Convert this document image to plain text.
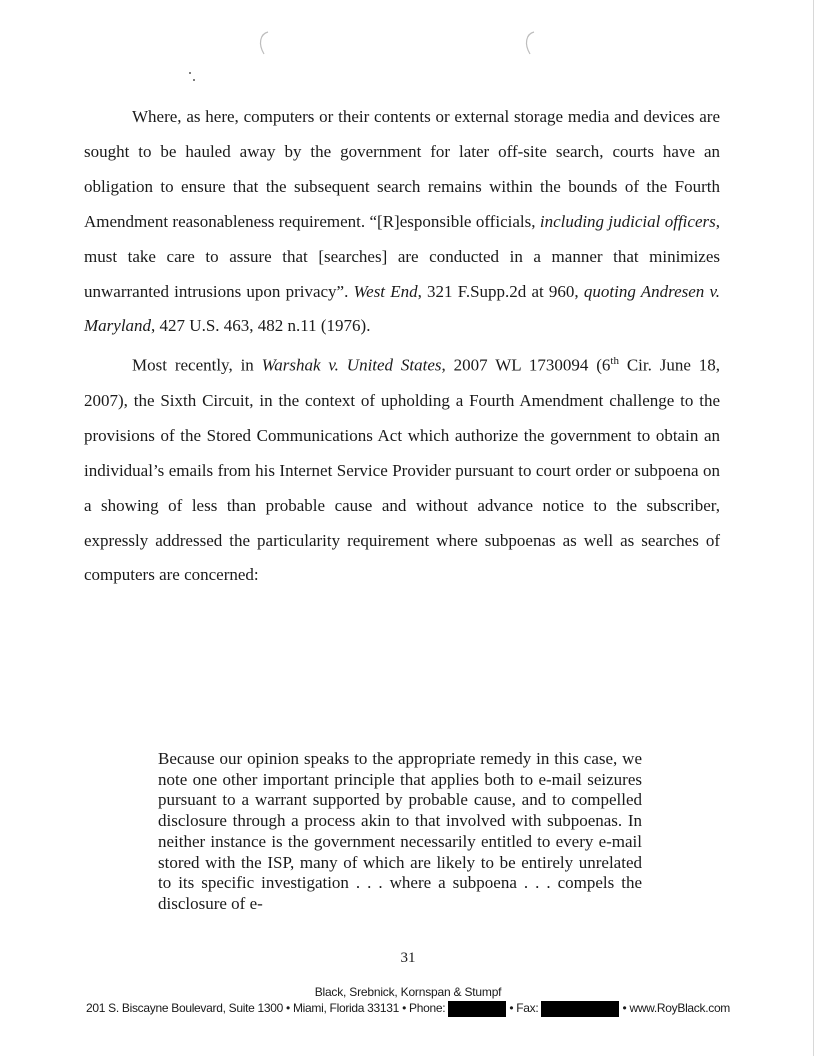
Where, as here, computers or their contents or external storage media and devices are sought to be hauled away by the government for later off-site search, courts have an obligation to ensure that the subsequent search remains within the bounds of the Fourth Amendment reasonableness requirement. “[R]esponsible officials, including judicial officers, must take care to assure that [searches] are conducted in a manner that minimizes unwarranted intrusions upon privacy”. West End, 321 F.Supp.2d at 960, quoting Andresen v. Maryland, 427 U.S. 463, 482 n.11 (1976).

Most recently, in Warshak v. United States, 2007 WL 1730094 (6th Cir. June 18, 2007), the Sixth Circuit, in the context of upholding a Fourth Amendment challenge to the provisions of the Stored Communications Act which authorize the government to obtain an individual’s emails from his Internet Service Provider pursuant to court order or subpoena on a showing of less than probable cause and without advance notice to the subscriber, expressly addressed the particularity requirement where subpoenas as well as searches of computers are concerned:

Because our opinion speaks to the appropriate remedy in this case, we note one other important principle that applies both to e-mail seizures pursuant to a warrant supported by probable cause, and to compelled disclosure through a process akin to that involved with subpoenas. In neither instance is the government necessarily entitled to every e-mail stored with the ISP, many of which are likely to be entirely unrelated to its specific investigation . . . where a subpoena . . . compels the disclosure of e-
31
Black, Srebnick, Kornspan & Stumpf
201 S. Biscayne Boulevard, Suite 1300 • Miami, Florida 33131 • Phone:	• Fax:	• www.RoyBlack.com
